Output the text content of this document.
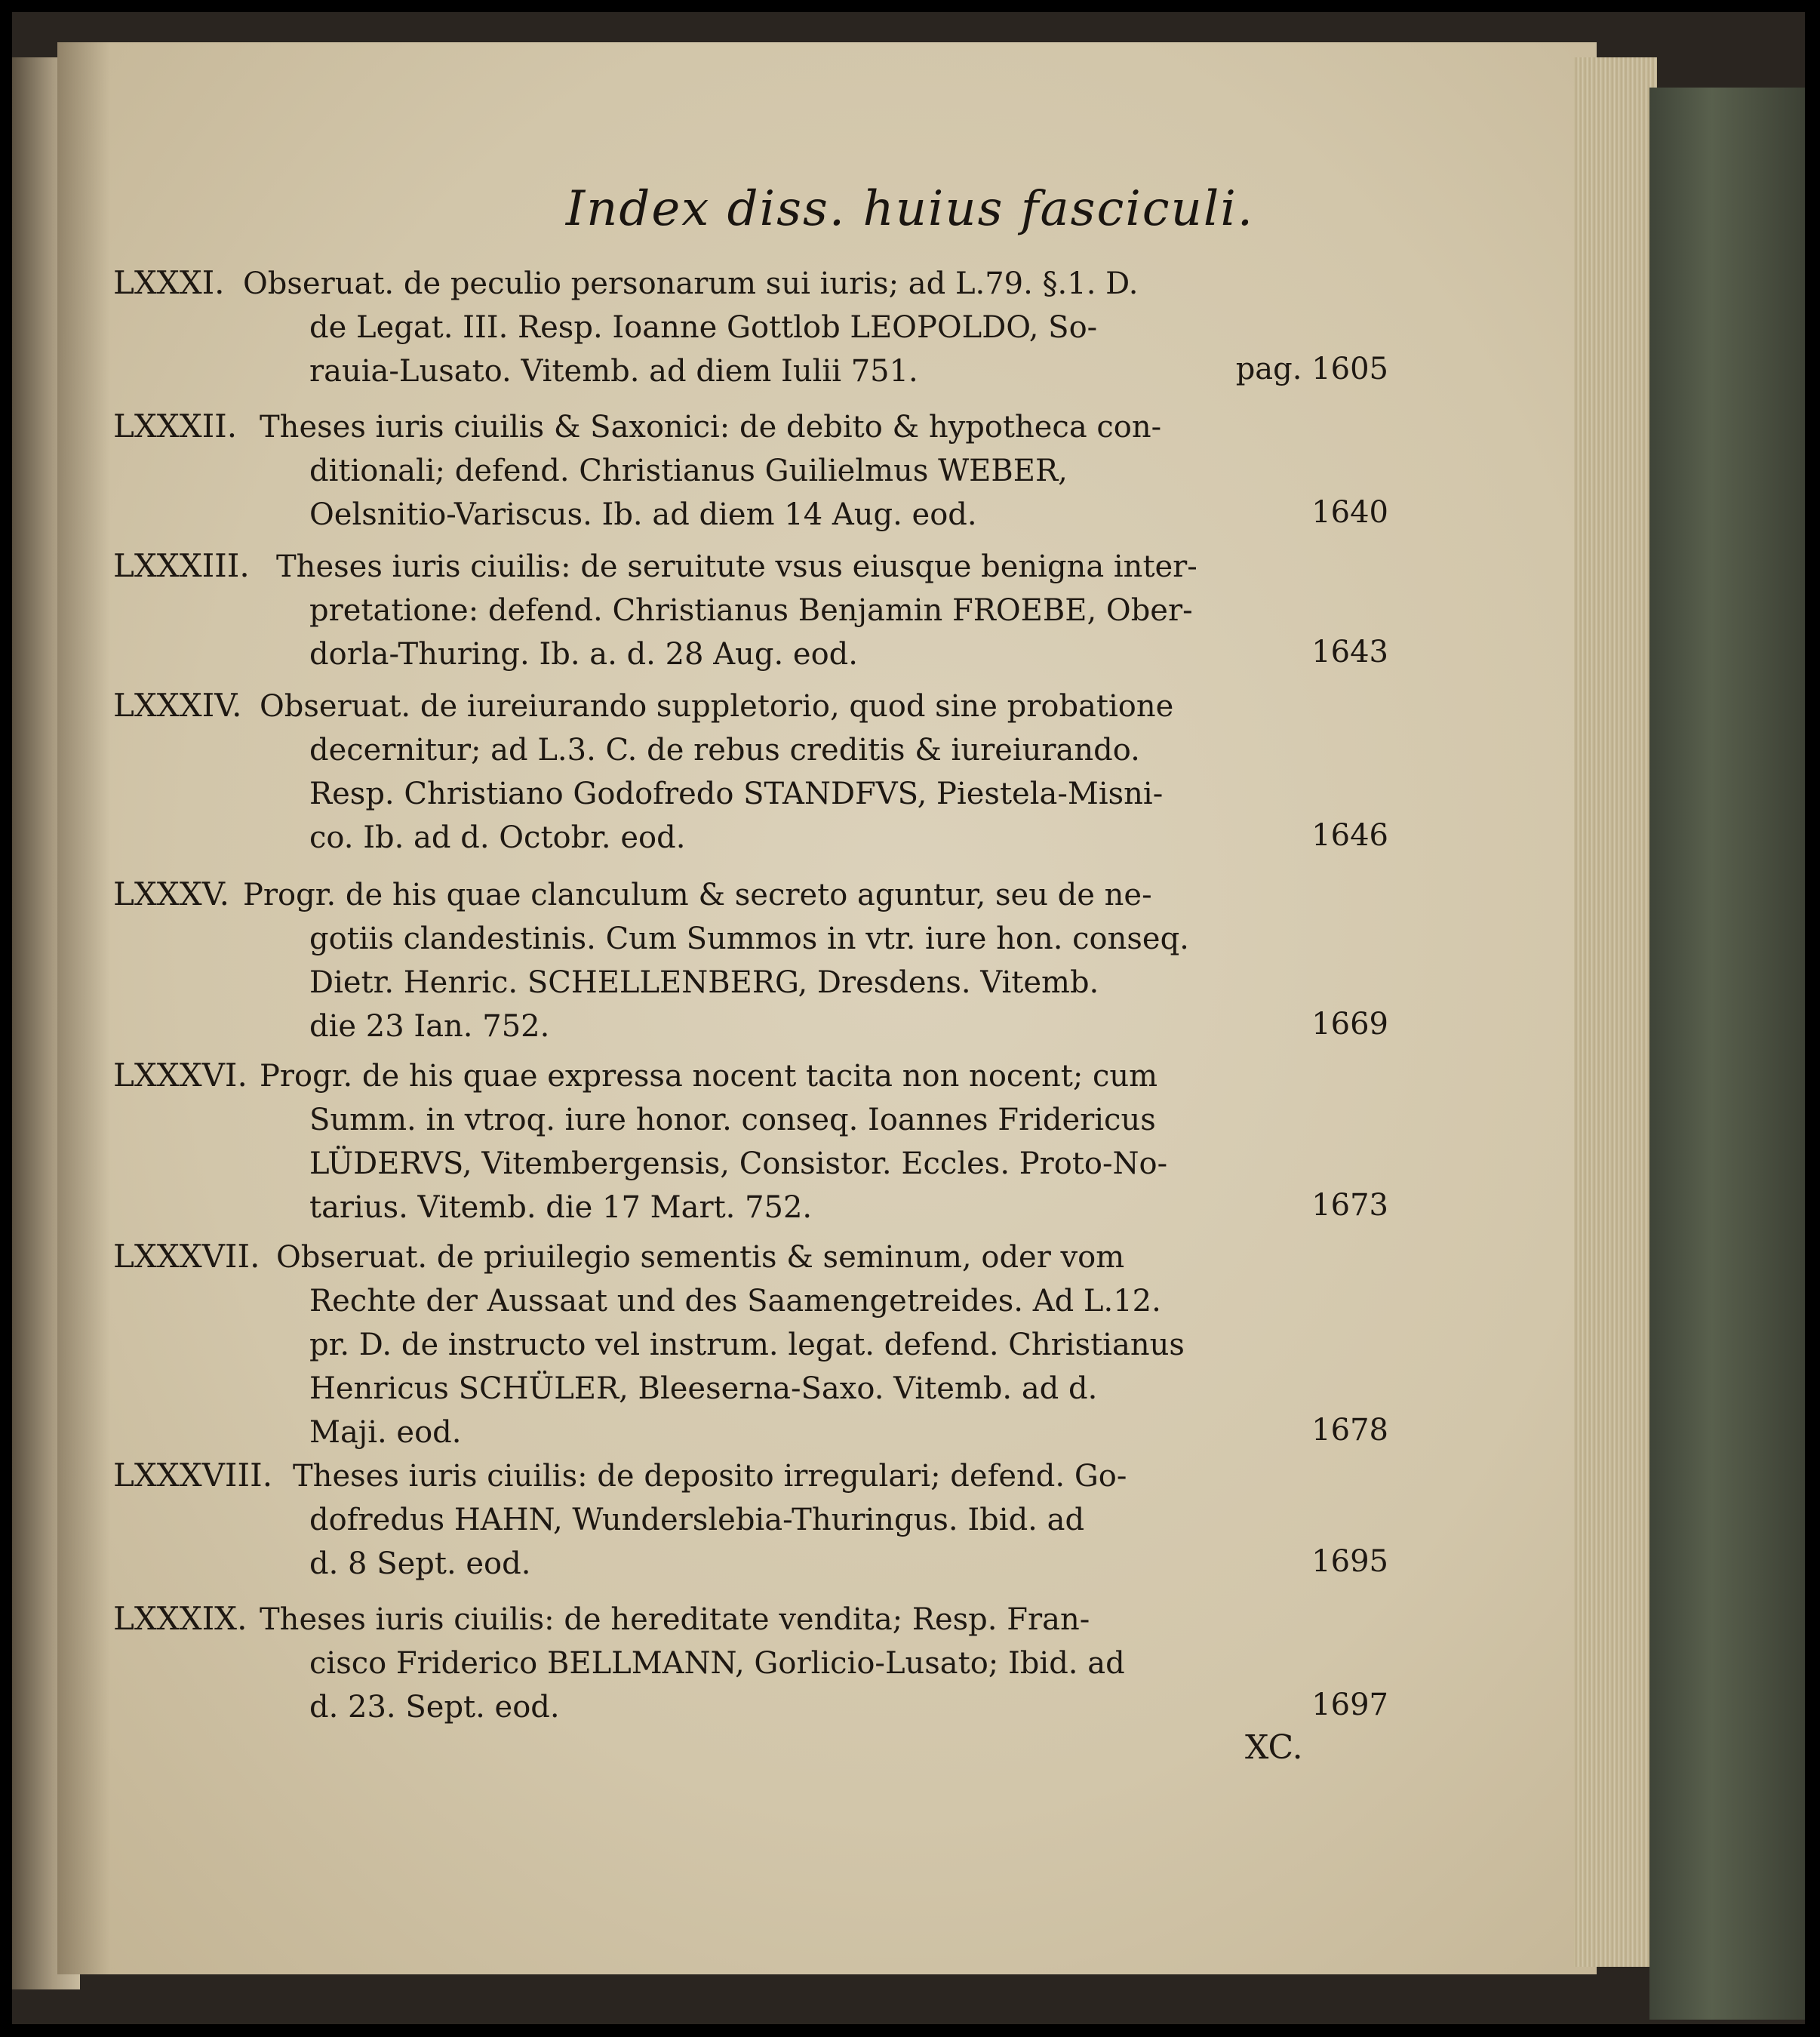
Index diss. huius fasciculi.
LXXXI. Obseruat. de peculio personarum sui iuris; ad L.79. §.1. D.
de Legat. III. Resp. Ioanne Gottlob LEOPOLDO, So-
rauia-Lusato. Vitemb. ad diem Iulii 751.	pag. 1605
LXXXII. Theses iuris ciuilis & Saxonici: de debito & hypotheca con-
ditionali; defend. Christianus Guilielmus WEBER,
Oelsnitio-Variscus. Ib. ad diem 14 Aug. eod.	1640
LXXXIII. Theses iuris ciuilis: de seruitute vsus eiusque benigna inter-
pretatione: defend. Christianus Benjamin FROEBE, Ober-
dorla-Thuring. Ib. a. d. 28 Aug. eod.	1643
LXXXIV. Obseruat. de iureiurando suppletorio, quod sine probatione
decernitur; ad L.3. C. de rebus creditis & iureiurando.
Resp. Christiano Godofredo STANDFVS, Piestela-Misni-
co. Ib. ad d. Octobr. eod.	1646
LXXXV. Progr. de his quae clanculum & secreto aguntur, seu de ne-
gotiis clandestinis. Cum Summos in vtr. iure hon. conseq.
Dietr. Henric. SCHELLENBERG, Dresdens. Vitemb.
die 23 Ian. 752.	1669
LXXXVI. Progr. de his quae expressa nocent tacita non nocent; cum
Summ. in vtroq. iure honor. conseq. Ioannes Fridericus
LÜDERVS, Vitembergensis, Consistor. Eccles. Proto-No-
tarius. Vitemb. die 17 Mart. 752.	1673
LXXXVII. Obseruat. de priuilegio sementis & seminum, oder vom
Rechte der Aussaat und des Saamengetreides. Ad L.12.
pr. D. de instructo vel instrum. legat. defend. Christianus
Henricus SCHÜLER, Bleeserna-Saxo. Vitemb. ad d.
Maji. eod.	1678
LXXXVIII. Theses iuris ciuilis: de deposito irregulari; defend. Go-
dofredus HAHN, Wunderslebia-Thuringus. Ibid. ad
d. 8 Sept. eod.	1695
LXXXIX. Theses iuris ciuilis: de hereditate vendita; Resp. Fran-
cisco Friderico BELLMANN, Gorlicio-Lusato; Ibid. ad
d. 23. Sept. eod.	1697
XC.
